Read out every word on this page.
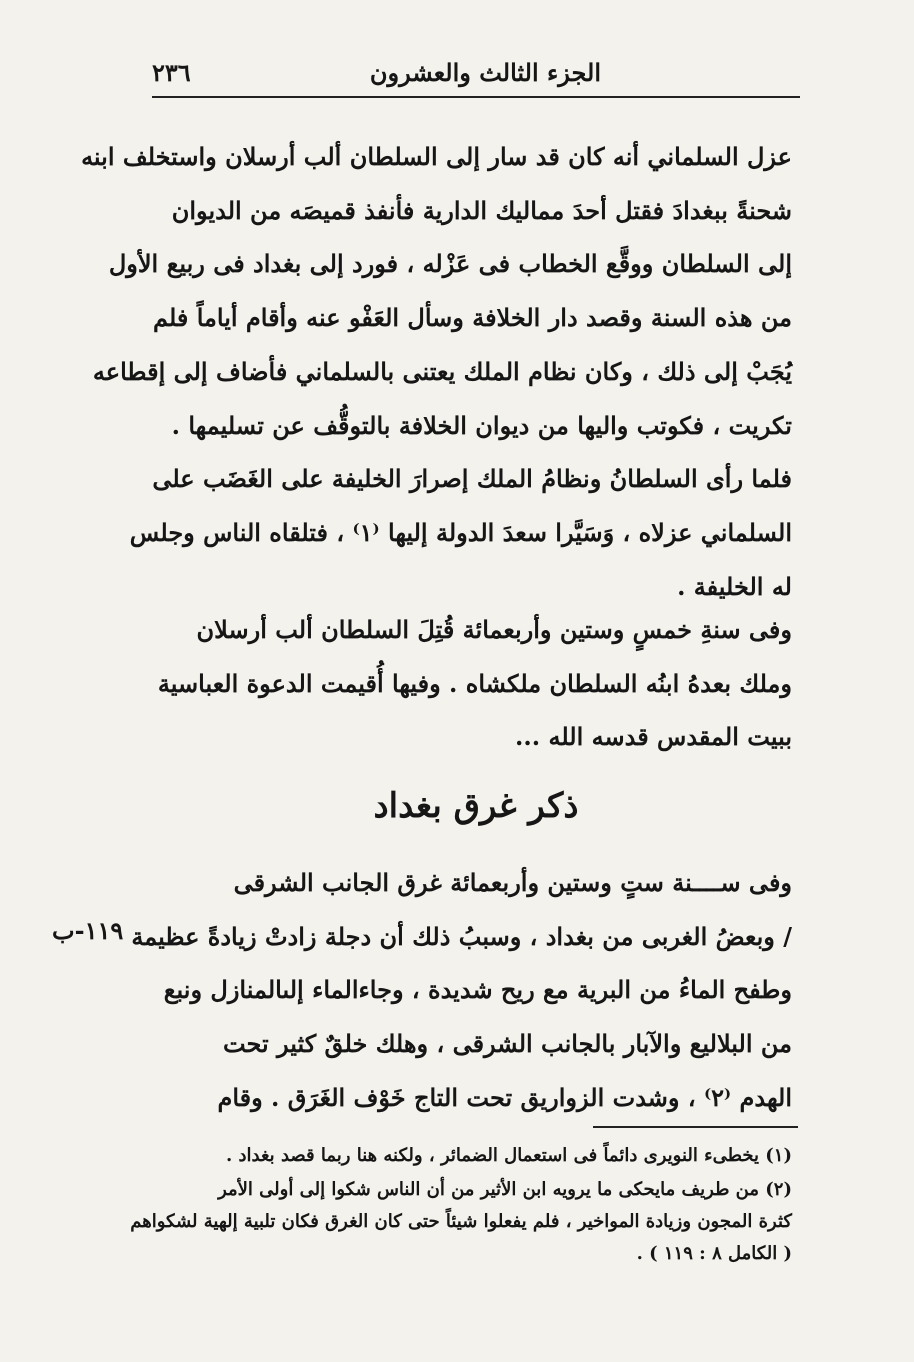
الجزء الثالث والعشرون
٢٣٦
عزل السلماني أنه كان قد سار إلى السلطان ألب أرسلان واستخلف ابنه
شحنةً ببغدادَ فقتل أحدَ مماليك الدارية فأنفذ قميصَه من الديوان
إلى السلطان ووقَّع الخطاب فى عَزْله ، فورد إلى بغداد فى ربيع الأول
من هذه السنة وقصد دار الخلافة وسأل العَفْو عنه وأقام أياماً فلم
يُجَبْ إلى ذلك ، وكان نظام الملك يعتنى بالسلماني فأضاف إلى إقطاعه
تكريت ، فكوتب واليها من ديوان الخلافة بالتوقُّف عن تسليمها .
فلما رأى السلطانُ ونظامُ الملك إصرارَ الخليفة على الغَضَب على
السلماني عزلاه ، وَسَيَّرا سعدَ الدولة إليها ⁽١⁾ ، فتلقاه الناس وجلس
له الخليفة .
وفى سنةِ خمسٍ وستين وأربعمائة قُتِلَ السلطان ألب أرسلان
وملك بعدهُ ابنُه السلطان ملكشاه . وفيها أُقيمت الدعوة العباسية
ببيت المقدس قدسه الله ...
ذكر غرق بغداد
وفى ســــنة ستٍ وستين وأربعمائة غرق الجانب الشرقى
/ وبعضُ الغربى من بغداد ، وسببُ ذلك أن دجلة زادتْ زيادةً عظيمة
وطفح الماءُ من البرية مع ريح شديدة ، وجاءالماء إلىالمنازل ونبع
من البلاليع والآبار بالجانب الشرقى ، وهلك خلقٌ كثير تحت
الهدم ⁽٢⁾ ، وشدت الزواريق تحت التاج خَوْف الغَرَق . وقام
١١٩-ب
(١) يخطىء النويرى دائماً فى استعمال الضمائر ، ولكنه هنا ربما قصد بغداد .
(٢) من طريف مايحكى ما يرويه ابن الأثير من أن الناس شكوا إلى أولى الأمر
كثرة المجون وزيادة المواخير ، فلم يفعلوا شيئاً حتى كان الغرق فكان تلبية إلهية لشكواهم
( الكامل ٨ : ١١٩ ) .
